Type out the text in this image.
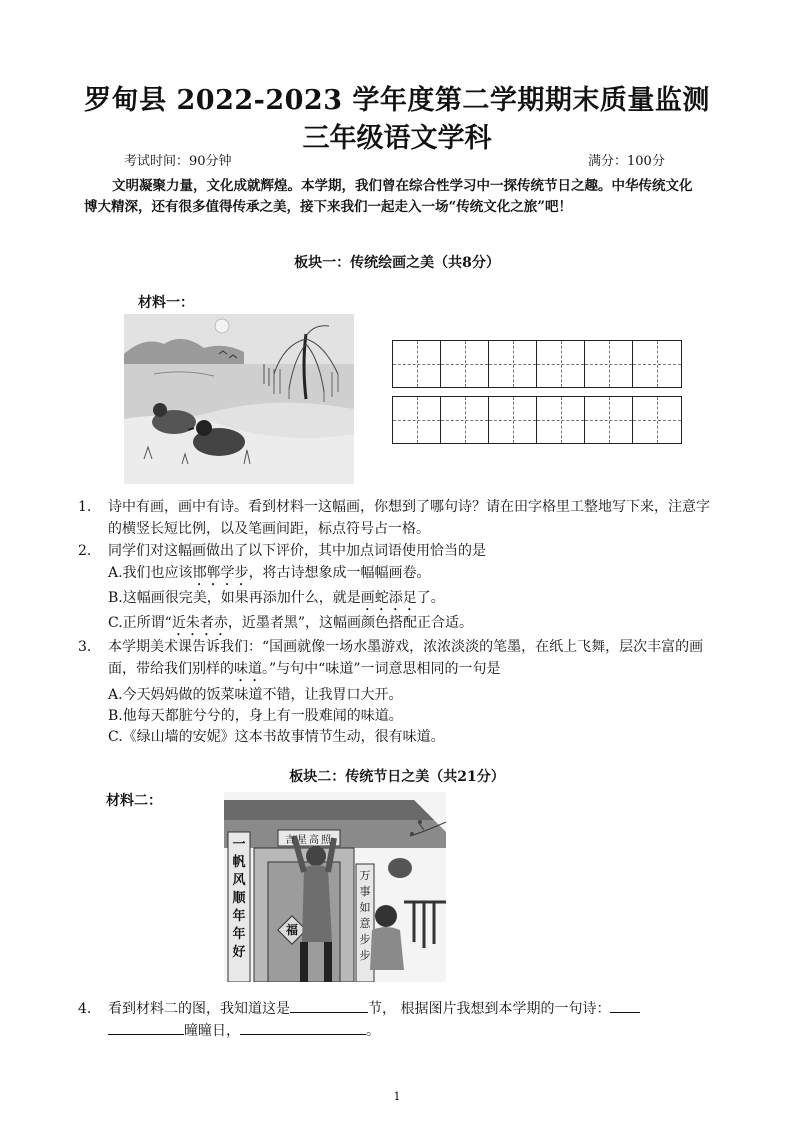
罗甸县 2022-2023 学年度第二学期期末质量监测
三年级语文学科
考试时间：90分钟	满分：100分
文明凝聚力量，文化成就辉煌。本学期，我们曾在综合性学习中一探传统节日之趣。中华传统文化博大精深，还有很多值得传承之美，接下来我们一起走入一场“传统文化之旅”吧！
板块一：传统绘画之美（共8分）
材料一：
1. 诗中有画，画中有诗。看到材料一这幅画，你想到了哪句诗？请在田字格里工整地写下来，注意字的横竖长短比例，以及笔画间距，标点符号占一格。
2. 同学们对这幅画做出了以下评价，其中加点词语使用恰当的是
A.我们也应该邯郸学步，将古诗想象成一幅幅画卷。
B.这幅画很完美，如果再添加什么，就是画蛇添足了。
C.正所谓“近朱者赤，近墨者黑”，这幅画颜色搭配正合适。
3. 本学期美术课告诉我们：“国画就像一场水墨游戏，浓浓淡淡的笔墨，在纸上飞舞，层次丰富的画面，带给我们别样的味道。”与句中“味道”一词意思相同的一句是
A.今天妈妈做的饭菜味道不错，让我胃口大开。
B.他每天都脏兮兮的，身上有一股难闻的味道。
C.《绿山墙的安妮》这本书故事情节生动，很有味道。
板块二：传统节日之美（共21分）
材料二：
一帆风顺年年好
万事如意步步
吉星高照
福
4. 看到材料二的图，我知道这是	节， 根据图片我想到本学期的一句诗：
曈曈日，	。
1
